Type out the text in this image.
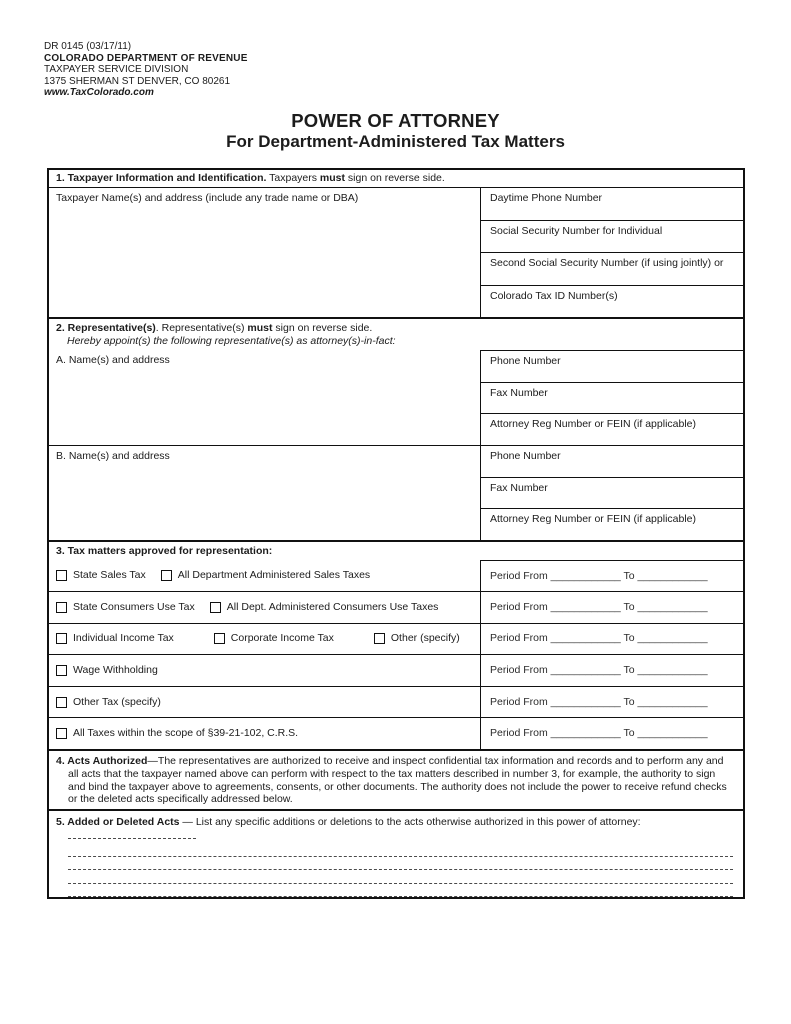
DR 0145 (03/17/11)
COLORADO DEPARTMENT OF REVENUE
TAXPAYER SERVICE DIVISION
1375 SHERMAN ST DENVER, CO 80261
www.TaxColorado.com
POWER OF ATTORNEY
For Department-Administered Tax Matters
1. Taxpayer Information and Identification. Taxpayers must sign on reverse side.
Taxpayer Name(s) and address (include any trade name or DBA)	Daytime Phone Number
Social Security Number for Individual
Second Social Security Number (if using jointly) or
Colorado Tax ID Number(s)
2. Representative(s). Representative(s) must sign on reverse side.
Hereby appoint(s) the following representative(s) as attorney(s)-in-fact:
A. Name(s) and address	Phone Number
Fax Number
Attorney Reg Number or FEIN (if applicable)
B. Name(s) and address	Phone Number
Fax Number
Attorney Reg Number or FEIN (if applicable)
3. Tax matters approved for representation:
State Sales Tax	All Department Administered Sales Taxes	Period From ____________ To ____________
State Consumers Use Tax	All Dept. Administered Consumers Use Taxes	Period From ____________ To ____________
Individual Income Tax	Corporate Income Tax	Other (specify)	Period From ____________ To ____________
Wage Withholding	Period From ____________ To ____________
Other Tax (specify)	Period From ____________ To ____________
All Taxes within the scope of §39-21-102, C.R.S.	Period From ____________ To ____________
4. Acts Authorized—The representatives are authorized to receive and inspect confidential tax information and records and to perform any and all acts that the taxpayer named above can perform with respect to the tax matters described in number 3, for example, the authority to sign and bind the taxpayer above to agreements, consents, or other documents. The authority does not include the power to receive refund checks or the deleted acts specifically addressed below.
5. Added or Deleted Acts — List any specific additions or deletions to the acts otherwise authorized in this power of attorney:
